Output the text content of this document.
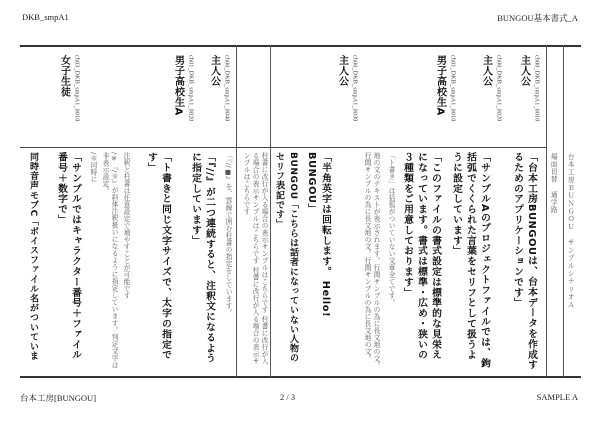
DKB_smpA1	BUNGOU基本書式_A
台本工房ＢＵＮＧＯＵ　サンプルシナリオＡ
場面切替　通学路
ch00_DKB_smpA1_0010
主人公
「台本工房BUNGOUは、台本データを作成するためのアプリケーションです」
ch00_DKB_smpA1_0020
主人公
「サンプルAのプロジェクトファイルでは、鉤括弧でくくられた言葉をセリフとして扱うように設定しています」
ch01_DKB_smpA1_0010
男子高校生A
「このファイルの書式設定は標準的な見栄えになっています。書式は標準・広め・狭いの３種類をご用意しております」
「ト書き」は括弧がついていない文章全てです。
地の文のテキストが表示されます。行間サンプルの為に長文地の文。行間サンプルの為に長文地の文。行間サンプルの為に長文地の文。
ch00_DKB_smpA1_0030
主人公
「半角英字は回転します。 Hello! BUNGOU」
BUNGOU「こちらは話者になっていない人物のセリフ表記です」
柱書に改行が入る場合の表示サンプルはこちらです 柱書に改行が入る場合の表示サンプルはこちらです 柱書に改行が入る場合の表示サンプルはこちらです
ch00_DKB_smpA1_0040
主人公
「『//■』を、罫線で囲む柱書の指定をしています。
ch01_DKB_smpA1_0020
男子高校生A
「『//』が二つ連続すると、注釈文になるように指定しています」
「ト書きと同じ文字サイズで、太字の指定です」
注釈と柱書は任意設定で増やすことが可能です
/※『/※』が斜体注釈扱いになるように指定しています。判定文字は非表示設定。
/※同時に
ch03_DKB_smpA1_0010
女子生徒
「サンプルではキャラクター番号＋ファイル番号＋数字で」
同時音声モブC「ボイスファイル名がついていま
台本工房[BUNGOU]	2 / 3	SAMPLE A
